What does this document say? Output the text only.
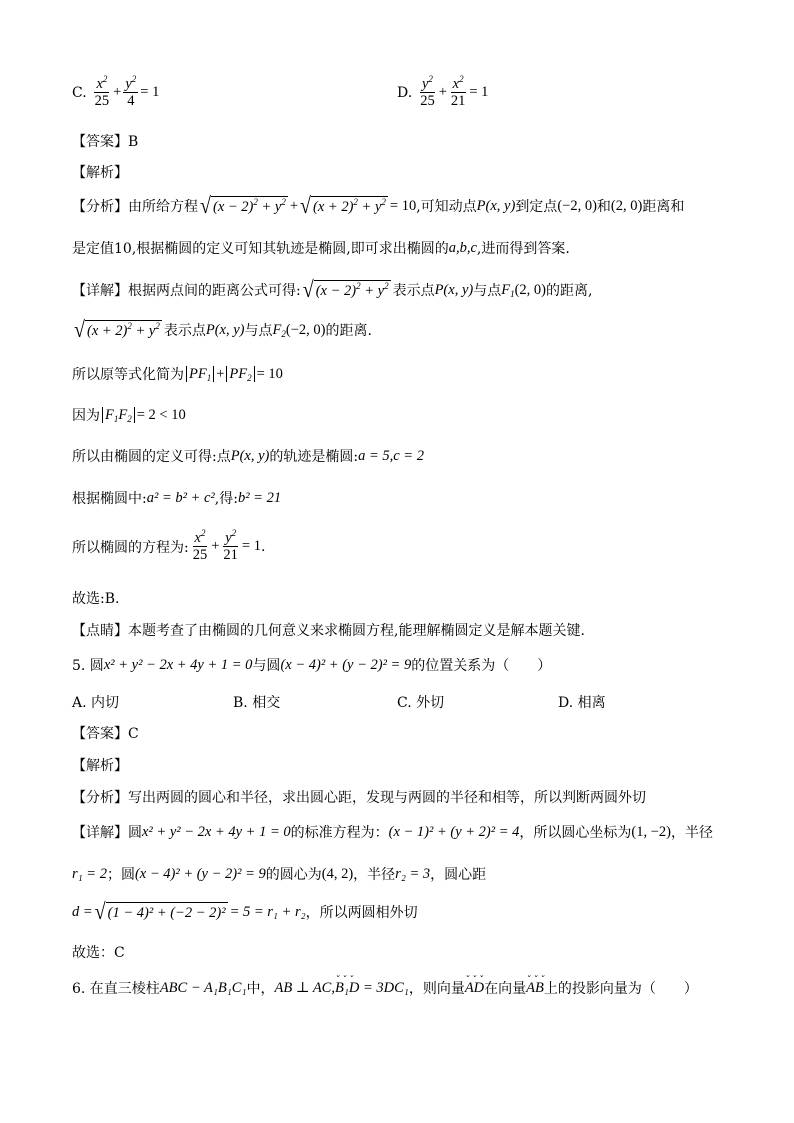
C. $\frac{x^2}{25} + \frac{y^2}{4} = 1$	D. $\frac{y^2}{25} + \frac{x^2}{21} = 1$
【答案】B
【解析】
【分析】 由所给方程 √ $(x - 2)^2 + y^2$ + √ $(x + 2)^2 + y^2 = 10$ ,可知动点 P(x, y) 到定点 (−2, 0) 和 (2, 0) 距离和
是定值10,根据椭圆的定义可知其轨迹是椭圆,即可求出椭圆的 a,b,c ,进而得到答案.
【详解】 根据两点间的距离公式可得: √ $(x - 2)^2 + y^2$ 表示点 P(x, y) 与点 $F_1(2$, 0) 的距离,
√ $(x + 2)^2 + y^2$ 表示点 P(x, y) 与点 $F_2(-2$, 0) 的距离.
所以原等式化简为 $PF_1 + PF_2 = 10$
因为 $F_1F_2 = 2 < 10$
所以由椭圆的定义可得:点 P(x, y) 的轨迹是椭圆: a = 5,c = 2
根据椭圆中: a² = b² + c² ,得: b² = 21
所以椭圆的方程为: $\frac{x^2}{25} + \frac{y^2}{21} = 1$ .
故选:B.
【点睛】 本题考查了由椭圆的几何意义来求椭圆方程,能理解椭圆定义是解本题关键.
5. 圆 x² + y² − 2x + 4y + 1 = 0 与圆 (x − 4)² + (y − 2)² = 9 的位置关系为（　　）
A. 内切	B. 相交	C. 外切	D. 相离
【答案】C
【解析】
【分析】 写出两圆的圆心和半径，求出圆心距，发现与两圆的半径和相等，所以判断两圆外切
【详解】 圆 x² + y² − 2x + 4y + 1 = 0 的标准方程为： (x − 1)² + (y + 2)² = 4 ，所以圆心坐标为 (1, −2) ，半径
r₁ = 2 ；圆 (x − 4)² + (y − 2)² = 9 的圆心为 (4, 2) ，半径 r₂ = 3 ，圆心距
d = √ (1 − 4)² + (−2 − 2)² = 5 = r₁ + r₂ ，所以两圆相外切
故选：C
6. 在直三棱柱 ABC − A₁B₁C₁ 中， AB ⊥ AC, ⌄⌄⌄ B₁D = 3DC₁ ，则向量 ⌄⌄⌄ AD 在向量 ⌄⌄⌄ AB 上的投影向量为（　　）
